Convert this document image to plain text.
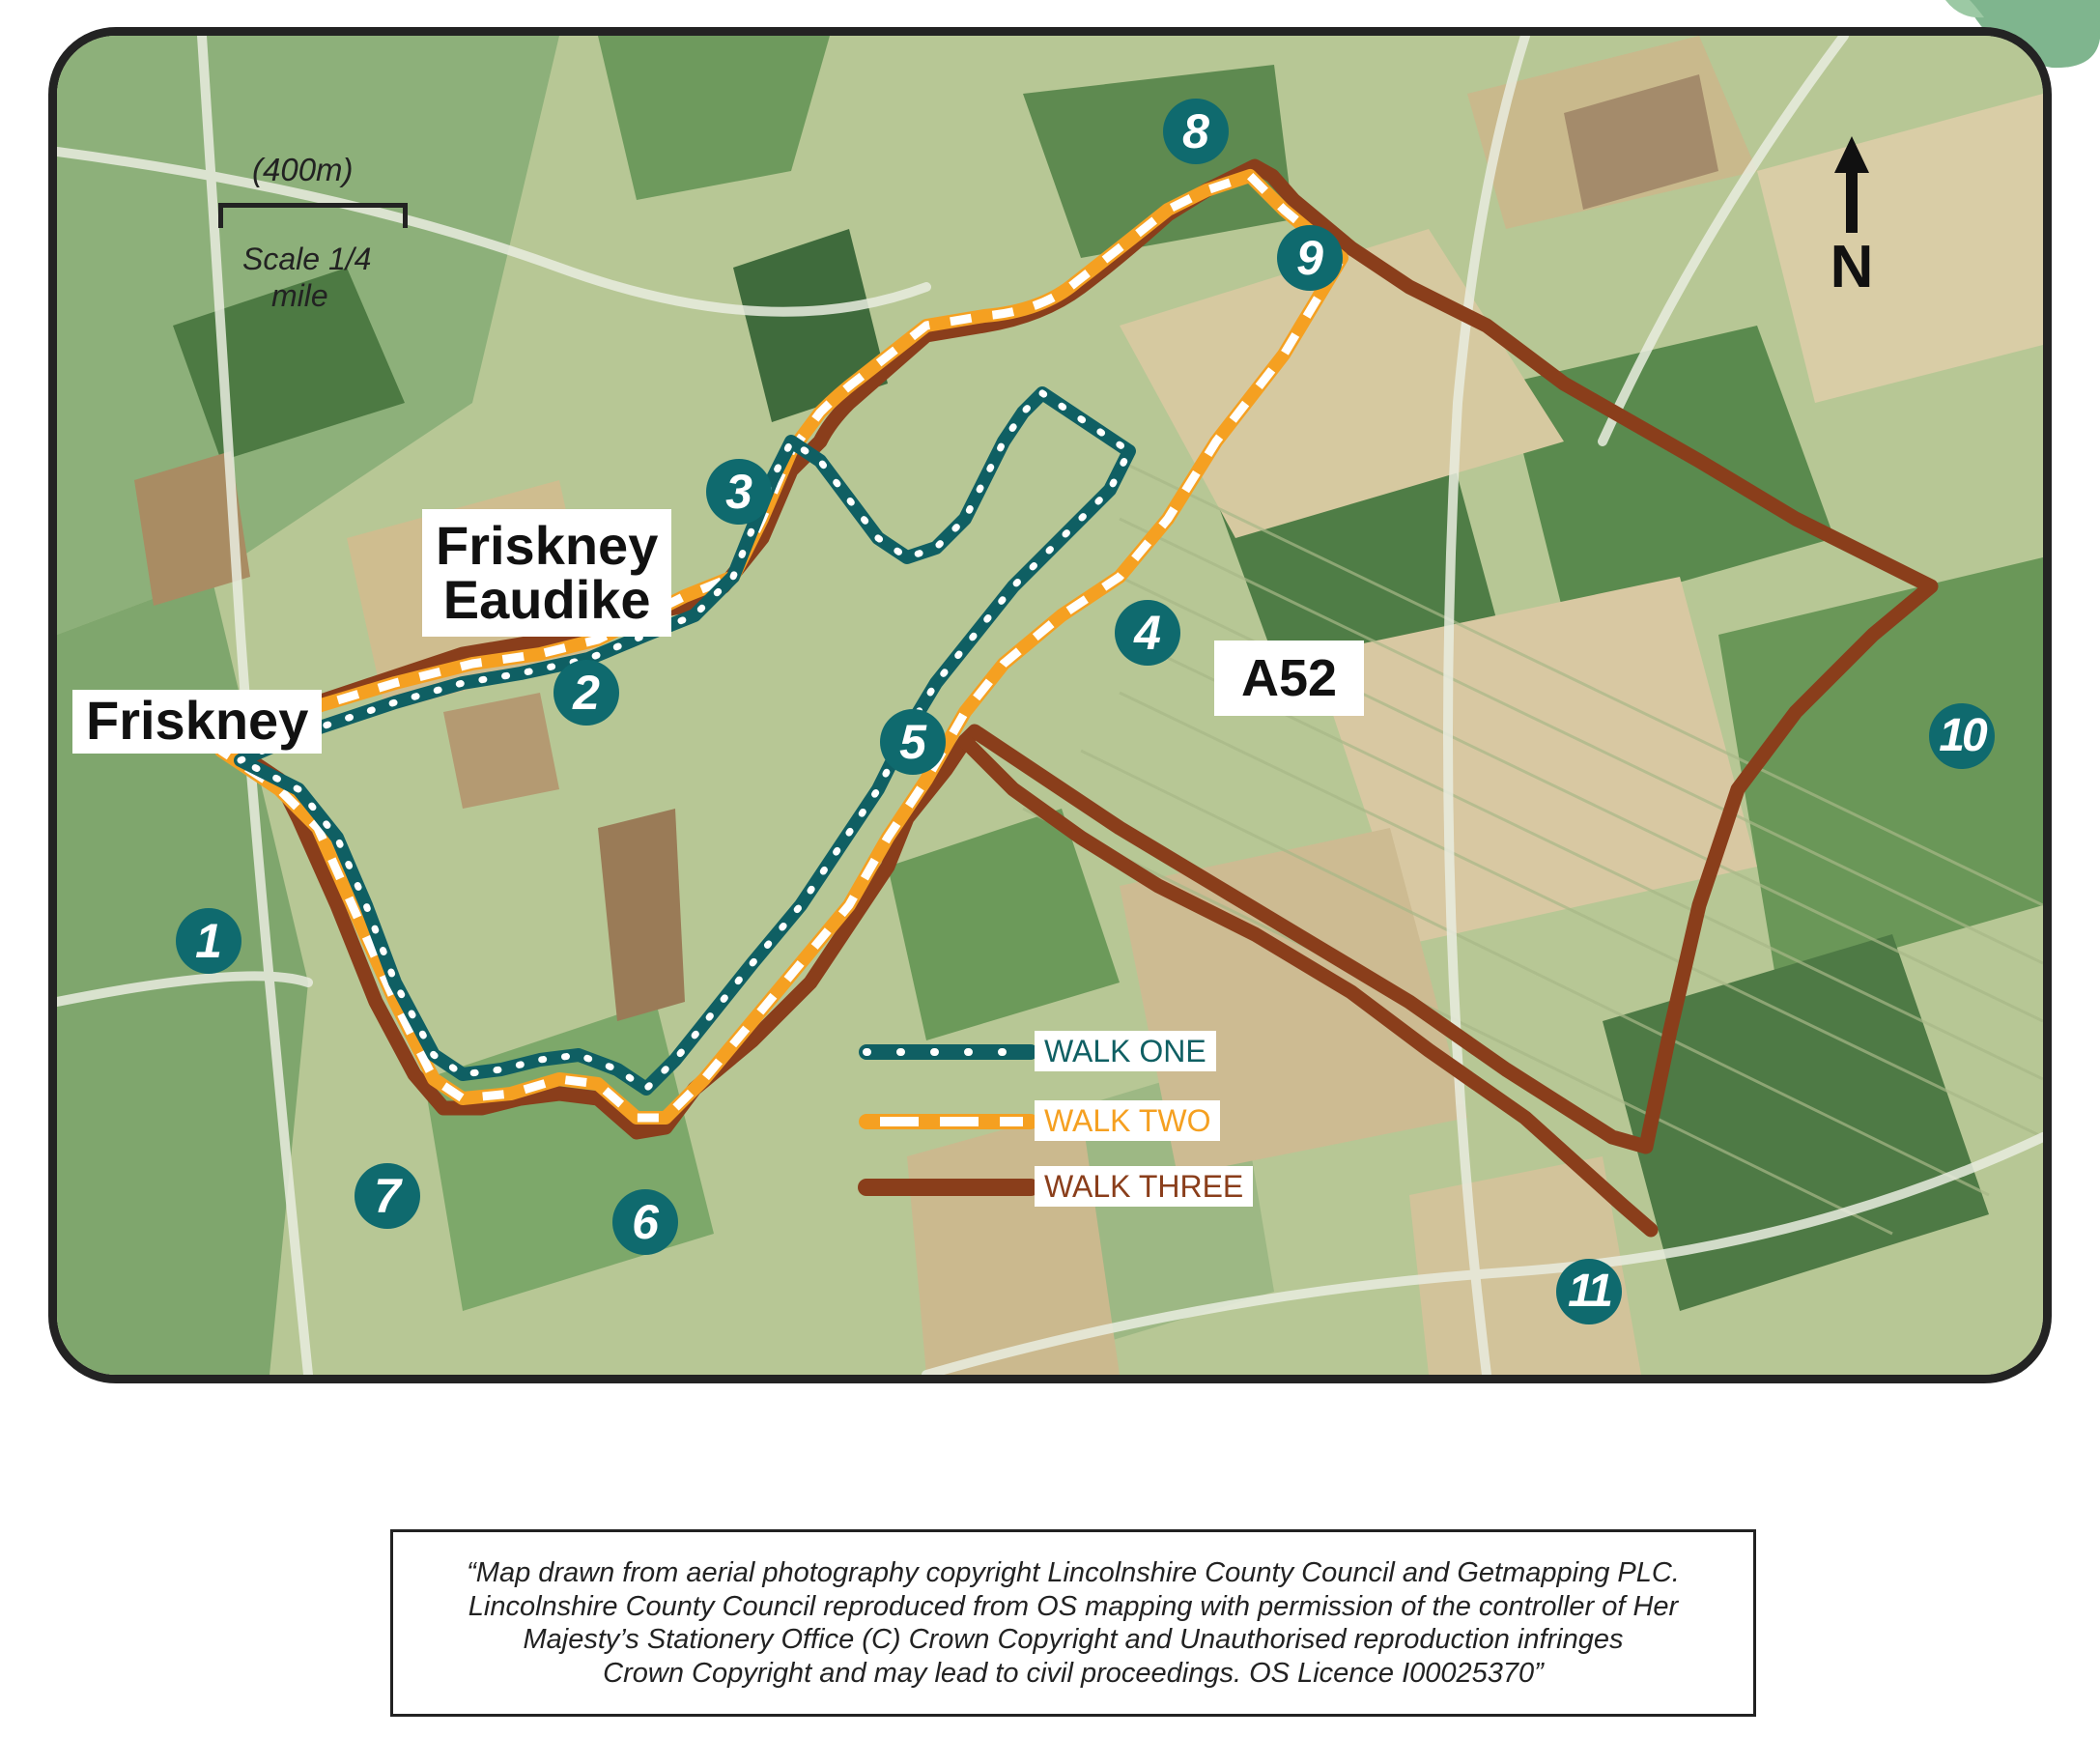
Friskney
Friskney
Eaudike
A52
N
(400m)
Scale 1/4
mile
1
2
3
4
5
6
7
8
9
10
11
WALK ONE
WALK TWO
WALK THREE
“Map drawn from aerial photography copyright Lincolnshire County Council and Getmapping PLC.
Lincolnshire County Council reproduced from OS mapping with permission of the controller of Her
Majesty’s Stationery Office (C) Crown Copyright and Unauthorised reproduction infringes
Crown Copyright and may lead to civil proceedings. OS Licence I00025370”
